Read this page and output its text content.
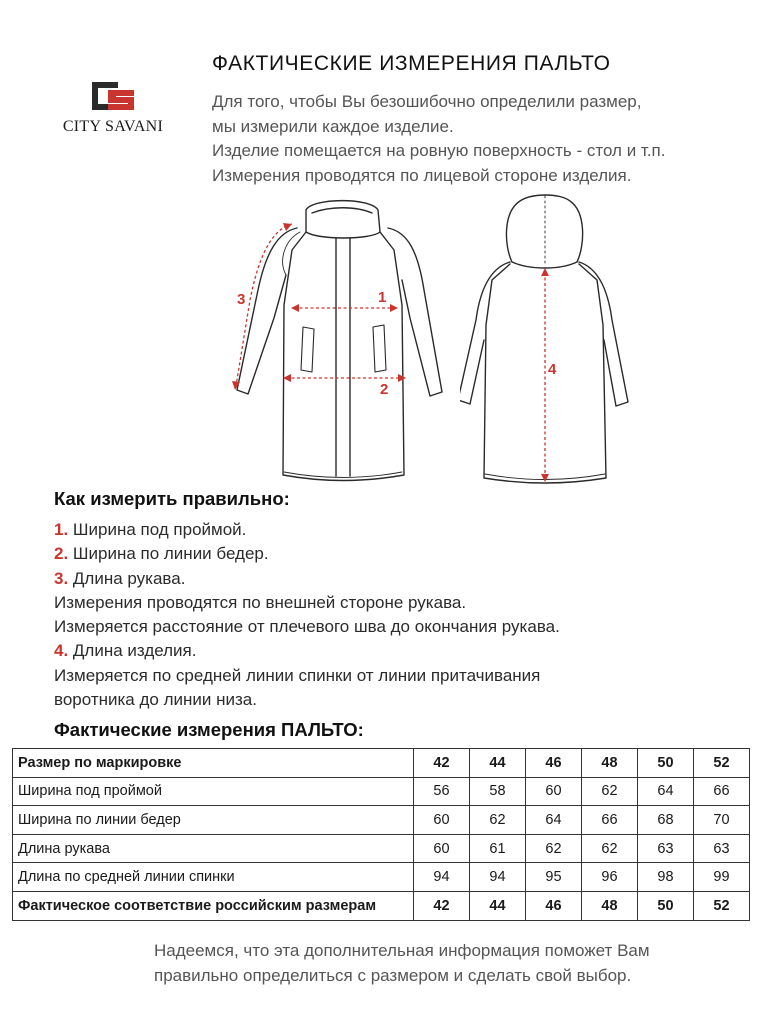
CITY SAVANI
ФАКТИЧЕСКИЕ ИЗМЕРЕНИЯ ПАЛЬТО
Для того, чтобы Вы безошибочно определили размер,
мы измерили каждое изделие.
Изделие помещается на ровную поверхность - стол и т.п.
Измерения проводятся по лицевой стороне изделия.
1
2
3
4
Как измерить правильно:
1. Ширина под проймой.
2. Ширина по линии бедер.
3. Длина рукава.
Измерения проводятся по внешней стороне рукава.
Измеряется расстояние от плечевого шва до окончания рукава.
4. Длина изделия.
Измеряется по средней линии спинки от линии притачивания
воротника до линии низа.
Фактические измерения ПАЛЬТО:
Размер по маркировке	42	44	46	48	50	52
Ширина под проймой	56	58	60	62	64	66
Ширина по линии бедер	60	62	64	66	68	70
Длина рукава	60	61	62	62	63	63
Длина по средней линии спинки	94	94	95	96	98	99
Фактическое соответствие российским размерам	42	44	46	48	50	52
Надеемся, что эта дополнительная информация поможет Вам
правильно определиться с размером и сделать свой выбор.
